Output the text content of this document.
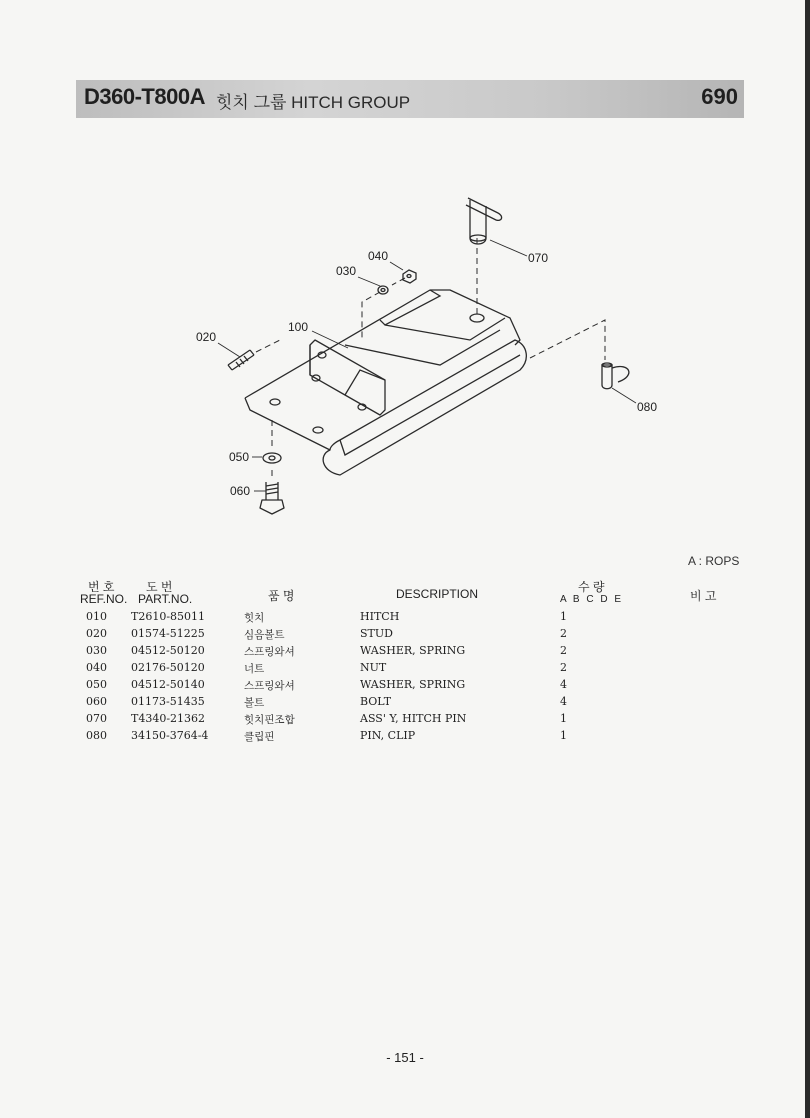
D360-T800A 힛치 그룹 HITCH GROUP	690
020
030
040
100
070
080
050
060
A : ROPS
번 호
REF.NO.
도 번
PART.NO.	품 명	DESCRIPTION	수 량
A B C D E	비 고
010 T2610-85011	힛치	HITCH	1
020 01574-51225	심음볼트	STUD	2
030 04512-50120	스프링와셔	WASHER, SPRING	2
040 02176-50120	너트	NUT	2
050 04512-50140	스프링와셔	WASHER, SPRING	4
060 01173-51435	볼트	BOLT	4
070 T4340-21362	힛치핀조합	ASS' Y, HITCH PIN	1
080 34150-3764-4	클립핀	PIN, CLIP	1
- 151 -
